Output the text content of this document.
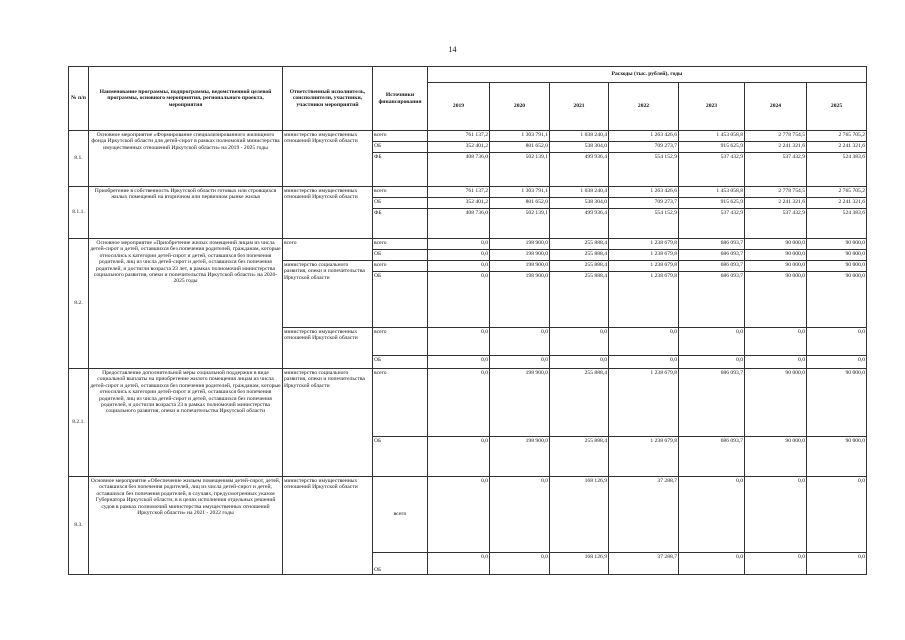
14
№ п/п	Наименование программы, подпрограммы, ведомственной целевой программы, основного мероприятия, регионального проекта, мероприятия	Ответственный исполнитель, соисполнители, участники, участники мероприятий	Источники финансирования	Расходы (тыс. рублей), годы						
				2019	2020	2021	2022	2023	2024	2025
8.1.	Основное мероприятие «Формирование специализированного жилищного фонда Иркутской области для детей-сирот в рамках полномочий министерства имущественных отношений Иркутской области» на 2019 - 2025 годы	министерство имущественных отношений Иркутской области	всего	761 137,2	1 303 791,1	1 038 240,4	1 263 426,6	1 453 058,8	2 778 754,5	2 765 705,2
			ОБ	352 401,2	801 652,0	538 304,0	709 273,7	915 625,9	2 241 321,6	2 241 321,6
			ФБ	408 736,0	502 139,1	499 936,4	554 152,9	537 432,9	537 432,9	524 383,6
8.1.1.	Приобретение в собственность Иркутской области готовых или строящихся жилых помещений на вторичном или первичном рынке жилья	министерство имущественных отношений Иркутской области	всего	761 137,2	1 303 791,1	1 038 240,4	1 263 426,6	1 453 058,8	2 778 754,5	2 765 705,2
			ОБ	352 401,2	801 652,0	538 304,0	709 273,7	915 625,9	2 241 321,6	2 241 321,6
			ФБ	408 736,0	502 139,1	499 936,4	554 152,9	537 432,9	537 432,9	524 383,6
8.2.	Основное мероприятие «Приобретение жилых помещений лицам из числа детей-сирот и детей, оставшихся без попечения родителей, гражданам, которые относились к категории детей-сирот и детей, оставшихся без попечения родителей, лиц из числа детей-сирот и детей, оставшихся без попечения родителей, и достигли возраста 23 лет, в рамках полномочий министерства социального развития, опеки и попечительства Иркутской области» на 2020-2025 годы	всего	всего	0,0	198 900,0	255 888,4	1 238 679,8	686 093,7	90 000,0	90 000,0
			ОБ	0,0	198 900,0	255 888,4	1 238 679,8	686 093,7	90 000,0	90 000,0
		министерство социального развития, опеки и попечительства Иркутской области	всего	0,0	198 900,0	255 888,4	1 238 679,8	686 093,7	90 000,0	90 000,0
			ОБ	0,0	198 900,0	255 888,4	1 238 679,8	686 093,7	90 000,0	90 000,0
		министерство имущественных отношений Иркутской области	всего	0,0	0,0	0,0	0,0	0,0	0,0	0,0
			ОБ	0,0	0,0	0,0	0,0	0,0	0,0	0,0
8.2.1.	Предоставление дополнительной меры социальной поддержки в виде социальной выплаты на приобретение жилого помещения лицам из числа детей-сирот и детей, оставшихся без попечения родителей, гражданам, которые относились к категории детей-сирот и детей, оставшихся без попечения родителей, лиц из числа детей-сирот и детей, оставшихся без попечения родителей, и достигли возраста 23 в рамках полномочий министерства социального развития, опеки и попечительства Иркутской области	министерство социального развития, опеки и попечительства Иркутской области	всего	0,0	198 900,0	255 888,4	1 238 679,8	686 093,7	90 000,0	90 000,0
			ОБ	0,0	198 900,0	255 888,4	1 238 679,8	686 093,7	90 000,0	90 000,0
8.3.	Основное мероприятие «Обеспечение жильем помещениям детей-сирот, детей, оставшихся без попечения родителей, лиц из числа детей-сирот и детей, оставшихся без попечения родителей, в случаях, предусмотренных указом Губернатора Иркутской области, в в целях исполнения отдельных решений судов в рамках полномочий министерства имущественных отношений Иркутской области» на 2021 - 2022 годы	министерство имущественных отношений Иркутской области	всего	0,0	0,0	168 126,9	37 288,7	0,0	0,0	0,0
			ОБ	0,0	0,0	168 126,9	37 288,7	0,0	0,0	0,0
